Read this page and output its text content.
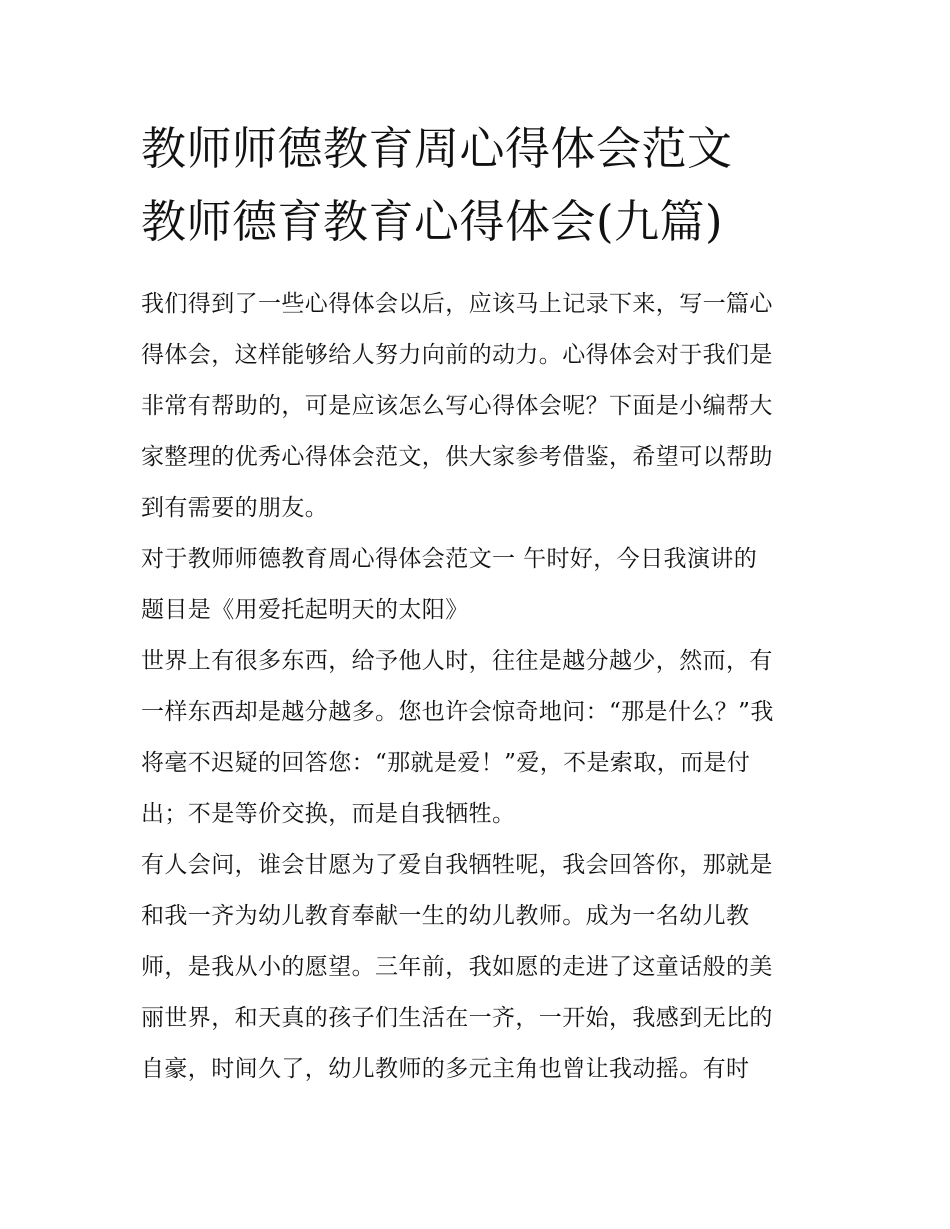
教师师德教育周心得体会范文
教师德育教育心得体会(九篇)

我们得到了一些心得体会以后，应该马上记录下来，写一篇心
得体会，这样能够给人努力向前的动力。心得体会对于我们是
非常有帮助的，可是应该怎么写心得体会呢？下面是小编帮大
家整理的优秀心得体会范文，供大家参考借鉴，希望可以帮助
到有需要的朋友。

对于教师师德教育周心得体会范文一 午时好，今日我演讲的
题目是《用爱托起明天的太阳》

世界上有很多东西，给予他人时，往往是越分越少，然而，有
一样东西却是越分越多。您也许会惊奇地问：“那是什么？”我
将毫不迟疑的回答您：“那就是爱！”爱，不是索取，而是付
出；不是等价交换，而是自我牺牲。

有人会问，谁会甘愿为了爱自我牺牲呢，我会回答你，那就是
和我一齐为幼儿教育奉献一生的幼儿教师。成为一名幼儿教
师，是我从小的愿望。三年前，我如愿的走进了这童话般的美
丽世界，和天真的孩子们生活在一齐，一开始，我感到无比的
自豪，时间久了，幼儿教师的多元主角也曾让我动摇。有时
